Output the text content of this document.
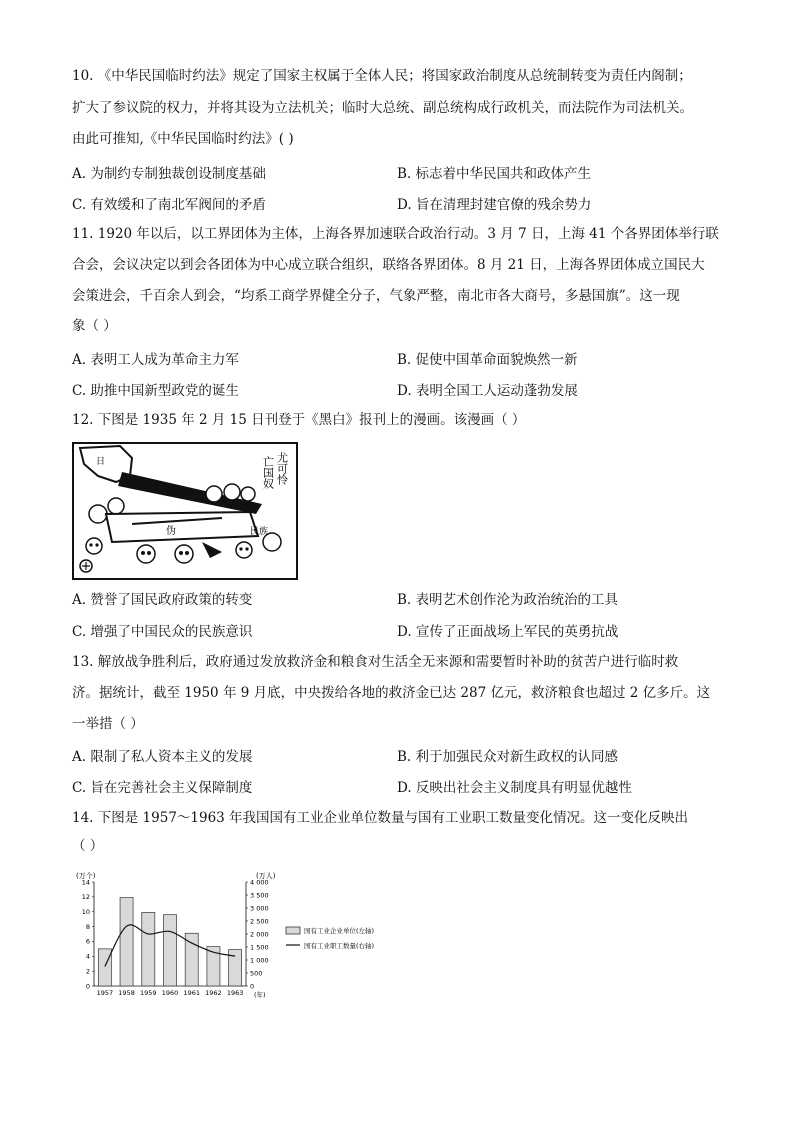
10. 《中华民国临时约法》规定了国家主权属于全体人民；将国家政治制度从总统制转变为责任内阁制；
扩大了参议院的权力，并将其设为立法机关；临时大总统、副总统构成行政机关，而法院作为司法机关。
由此可推知,《中华民国临时约法》( )
A. 为制约专制独裁创设制度基础	B. 标志着中华民国共和政体产生
C. 有效缓和了南北军阀间的矛盾	D. 旨在清理封建官僚的残余势力
11. 1920 年以后，以工界团体为主体，上海各界加速联合政治行动。3 月 7 日，上海 41 个各界团体举行联
合会，会议决定以到会各团体为中心成立联合组织，联络各界团体。8 月 21 日，上海各界团体成立国民大
会策进会，千百余人到会，“均系工商学界健全分子，气象严整，南北市各大商号，多悬国旗”。这一现
象（ ）
A. 表明工人成为革命主力军	B. 促使中国革命面貌焕然一新
C. 助推中国新型政党的诞生	D. 表明全国工人运动蓬勃发展
12. 下图是 1935 年 2 月 15 日刊登于《黑白》报刊上的漫画。该漫画（ ）
日
伪	民族
亡国奴 尤可怜
A. 赞誉了国民政府政策的转变	B. 表明艺术创作沦为政治统治的工具
C. 增强了中国民众的民族意识	D. 宣传了正面战场上军民的英勇抗战
13. 解放战争胜利后，政府通过发放救济金和粮食对生活全无来源和需要暂时补助的贫苦户进行临时救
济。据统计，截至 1950 年 9 月底，中央拨给各地的救济金已达 287 亿元，救济粮食也超过 2 亿多斤。这
一举措（ ）
A. 限制了私人资本主义的发展	B. 利于加强民众对新生政权的认同感
C. 旨在完善社会主义保障制度	D. 反映出社会主义制度具有明显优越性
14. 下图是 1957～1963 年我国国有工业企业单位数量与国有工业职工数量变化情况。这一变化反映出
（ ）
(万个)	(万人)
(年)
0
2
4
6
8
10
12
14
0
500
1 000
1 500
2 000
2 500
3 000
3 500
4 000
1957 1958 1959 1960 1961 1962 1963
国有工业企业单位(左轴)
国有工业职工数量(右轴)
